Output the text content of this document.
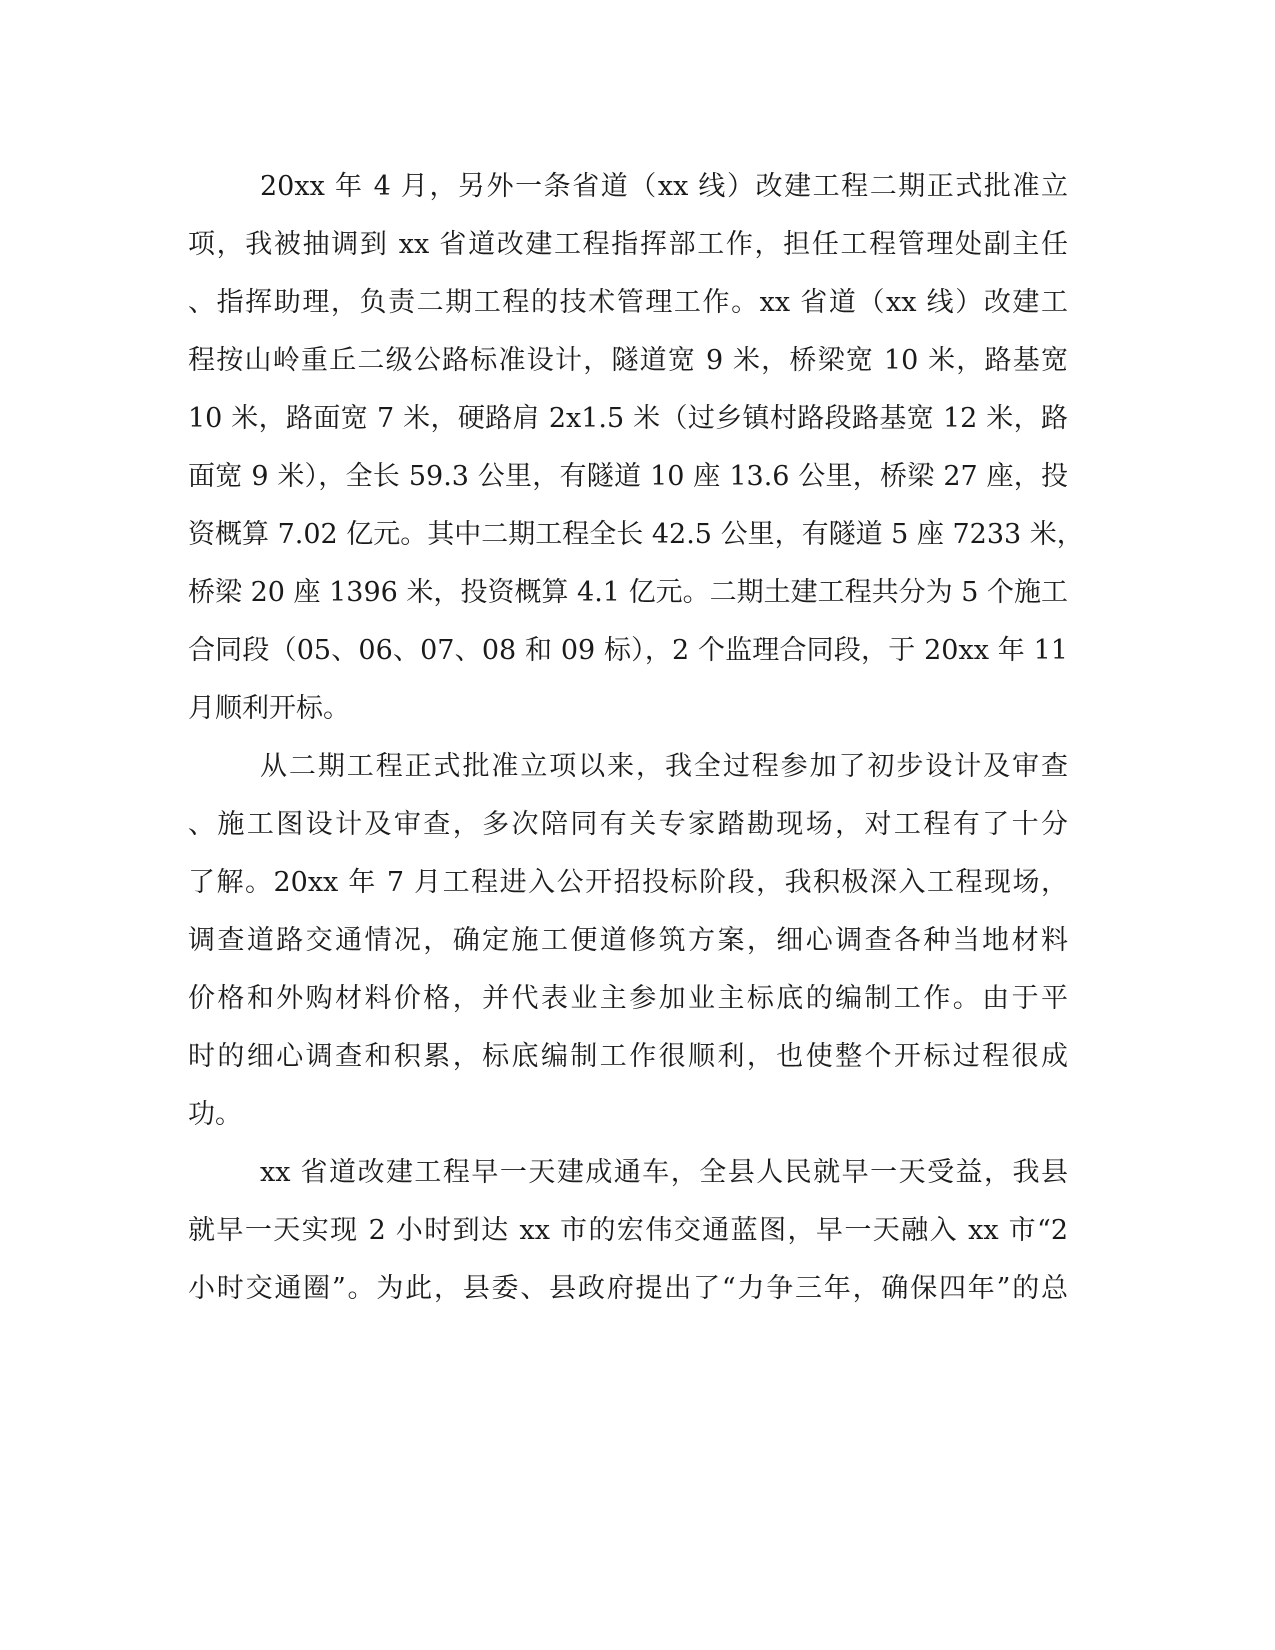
20xx 年 4 月，另外一条省道（xx 线）改建工程二期正式批准立
项，我被抽调到 xx 省道改建工程指挥部工作，担任工程管理处副主任
、指挥助理，负责二期工程的技术管理工作。xx 省道（xx 线）改建工
程按山岭重丘二级公路标准设计，隧道宽 9 米，桥梁宽 10 米，路基宽
10 米，路面宽 7 米，硬路肩 2x1.5 米（过乡镇村路段路基宽 12 米，路
面宽 9 米），全长 59.3 公里，有隧道 10 座 13.6 公里，桥梁 27 座，投
资概算 7.02 亿元。其中二期工程全长 42.5 公里，有隧道 5 座 7233 米，
桥梁 20 座 1396 米，投资概算 4.1 亿元。二期土建工程共分为 5 个施工
合同段（05、06、07、08 和 09 标），2 个监理合同段，于 20xx 年 11
月顺利开标。
从二期工程正式批准立项以来，我全过程参加了初步设计及审查
、施工图设计及审查，多次陪同有关专家踏勘现场，对工程有了十分
了解。20xx 年 7 月工程进入公开招投标阶段，我积极深入工程现场，
调查道路交通情况，确定施工便道修筑方案，细心调查各种当地材料
价格和外购材料价格，并代表业主参加业主标底的编制工作。由于平
时的细心调查和积累，标底编制工作很顺利，也使整个开标过程很成
功。
xx 省道改建工程早一天建成通车，全县人民就早一天受益，我县
就早一天实现 2 小时到达 xx 市的宏伟交通蓝图，早一天融入 xx 市“2
小时交通圈”。为此，县委、县政府提出了“力争三年，确保四年”的总
